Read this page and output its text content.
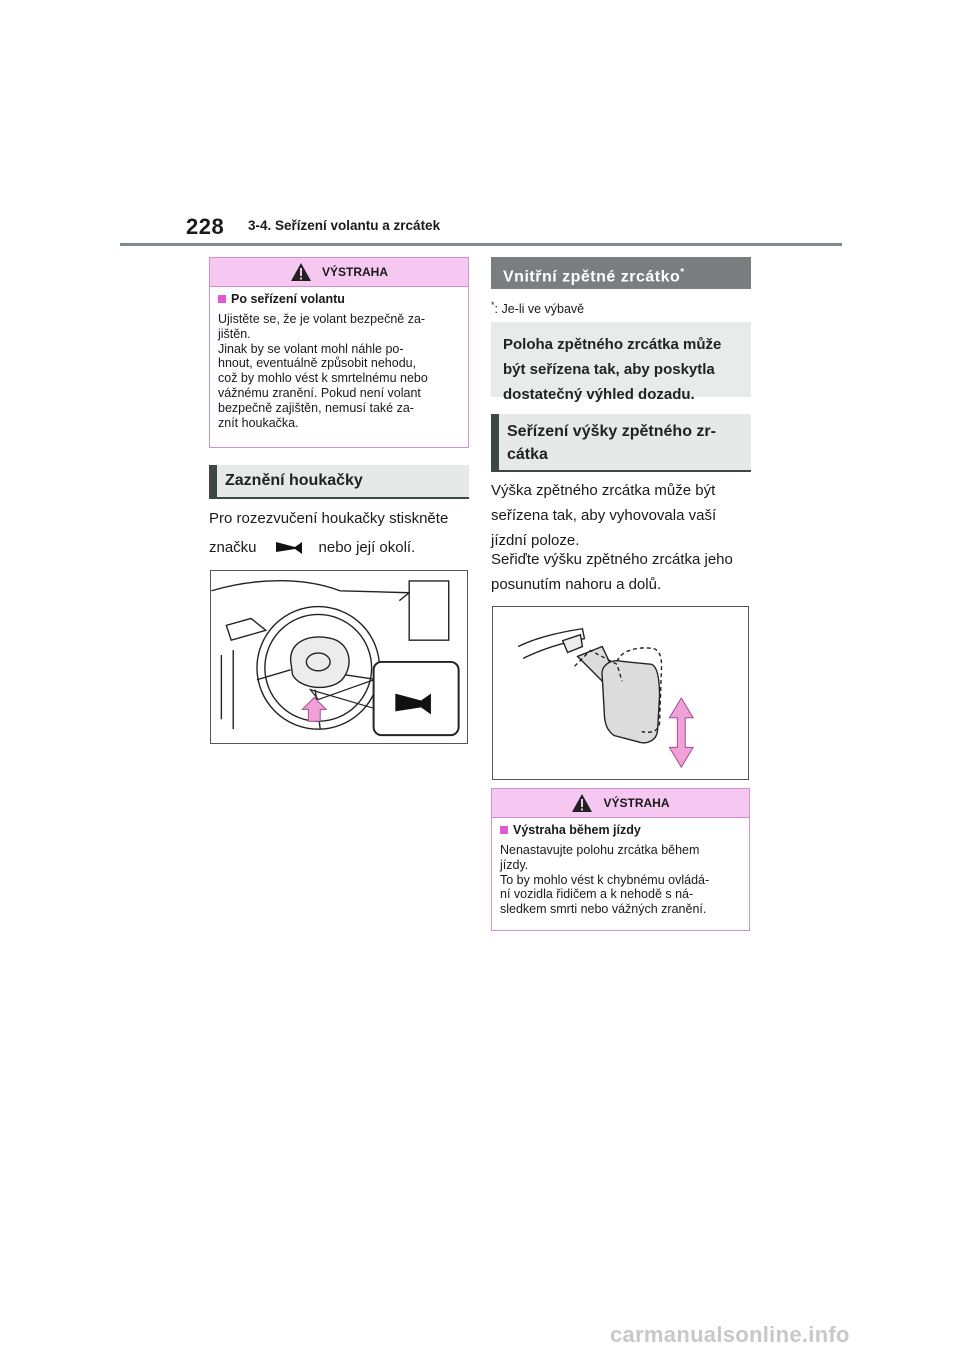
228 3-4. Seřízení volantu a zrcátek
VÝSTRAHA
Po seřízení volantu

Ujistěte se, že je volant bezpečně za-
jištěn.
Jinak by se volant mohl náhle po-
hnout, eventuálně způsobit nehodu,
což by mohlo vést k smrtelnému nebo
vážnému zranění. Pokud není volant
bezpečně zajištěn, nemusí také za-
znít houkačka.

Zaznění houkačky

Pro rozezvučení houkačky stiskněte

značku	nebo její okolí.
Vnitřní zpětné zrcátko*
*: Je-li ve výbavě
Poloha zpětného zrcátka může být seřízena tak, aby poskytla dostatečný výhled dozadu.
Seřízení výšky zpětného zr-cátka

Výška zpětného zrcátka může být seřízena tak, aby vyhovovala vaší jízdní poloze.

Seřiďte výšku zpětného zrcátka jeho posunutím nahoru a dolů.

VÝSTRAHA
Výstraha během jízdy

Nenastavujte polohu zrcátka během
jízdy.
To by mohlo vést k chybnému ovládá-
ní vozidla řidičem a k nehodě s ná-
sledkem smrti nebo vážných zranění.

carmanualsonline.info
